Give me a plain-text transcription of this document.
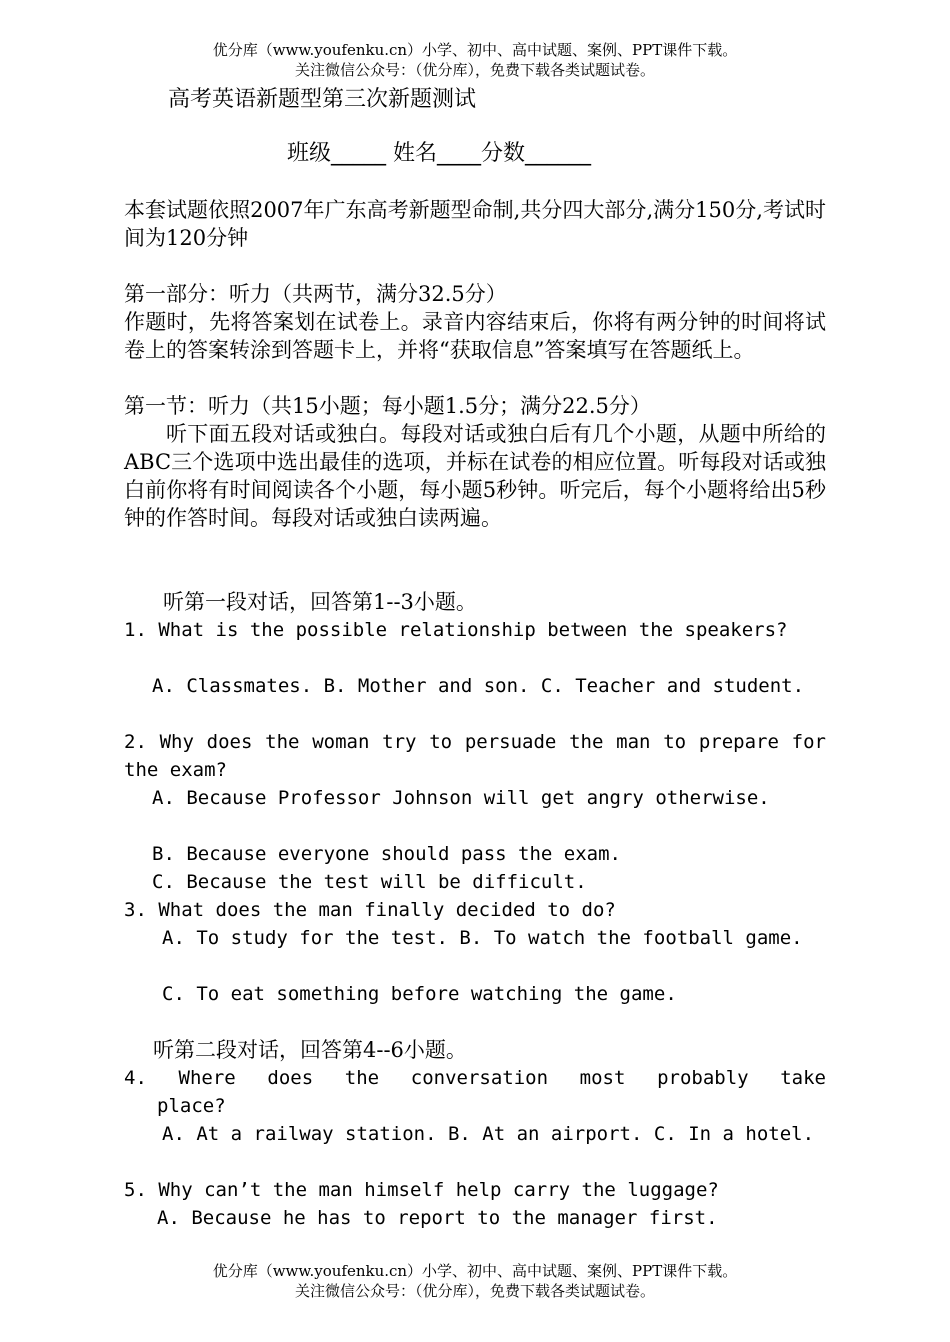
优分库（www.youfenku.cn）小学、初中、高中试题、案例、PPT课件下载。
关注微信公众号：（优分库），免费下载各类试题试卷。
高考英语新题型第三次新题测试
班级_____ 姓名____分数______
本套试题依照2007年广东高考新题型命制,共分四大部分,满分150分,考试时间为120分钟
第一部分：听力（共两节，满分32.5分）
作题时，先将答案划在试卷上。录音内容结束后，你将有两分钟的时间将试卷上的答案转涂到答题卡上，并将“获取信息”答案填写在答题纸上。
第一节：听力（共15小题；每小题1.5分；满分22.5分）
听下面五段对话或独白。每段对话或独白后有几个小题，从题中所给的ABC三个选项中选出最佳的选项，并标在试卷的相应位置。听每段对话或独白前你将有时间阅读各个小题，每小题5秒钟。听完后，每个小题将给出5秒钟的作答时间。每段对话或独白读两遍。
听第一段对话，回答第1--3小题。
1. What is the possible relationship between the speakers?
A. Classmates. B. Mother and son. C. Teacher and student.
2. Why does the woman try to persuade the man to prepare for the exam?
A. Because Professor Johnson will get angry otherwise.
B. Because everyone should pass the exam.
C. Because the test will be difficult.
3. What does the man finally decided to do?
A. To study for the test. B. To watch the football game.
C. To eat something before watching the game.
听第二段对话，回答第4--6小题。
4. Where does the conversation most probably take
place?
A. At a railway station. B. At an airport. C. In a hotel.
5. Why can’t the man himself help carry the luggage?
A. Because he has to report to the manager first.
优分库（www.youfenku.cn）小学、初中、高中试题、案例、PPT课件下载。
关注微信公众号：（优分库），免费下载各类试题试卷。
